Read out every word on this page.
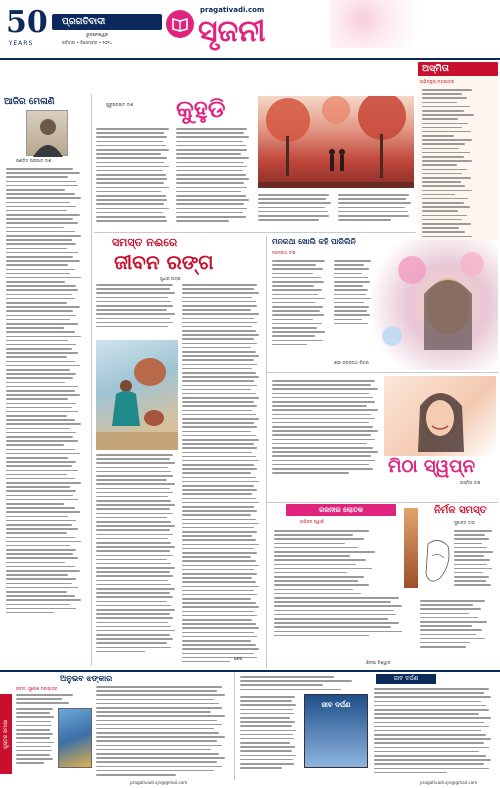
50
YEARS
ପ୍ରଗତିବାଦୀ
ଭୁବନେଶ୍ୱର
ରବିବାର • ଡିସେମ୍ବର • ୨୦୨୪
pragativadi.com
ସୃଜନୀ
ଅସ୍ମିତା
ଅଭିମନ୍ୟୁ ମହାପାତ୍ର
ଆଜିର ମେଳାଣି
ପଣ୍ଡିତ ପ୍ରଭାତ ଦାଶ
ଗୁରୁପ୍ରସାଦ ଦାଶ କୁହୁଡି
ସମସ୍ତ ନଈରେ
ଜୀବନ ରଙ୍ଗ
ସୁଧୀର ନାୟକ
ଶେଷ
ମନକଥା ଖୋଲି କହି ପାରିଲିନି
ଜଗନ୍ନାଥ ଦାସ
ଶ୍ରୀ ଜଗନ୍ନାଥ ବିହାର
ମିଠା ସ୍ୱପ୍ନ
ଅସ୍ମିତା ଦାସ
ରଜନୀର ଲୋତକ
ଅଭିନ୍ନ ସ୍ୱାଇଁ
ଶିଳ୍ପୀ ବିଶ୍ୱାଳ
ନିର୍ମଳ ସମସ୍ତ
ସୁକାନ୍ତ ଦାସ
ପୁସ୍ତକ ସମୀକ୍ଷା
ଅନୁଭବ ଝଙ୍କାର
ରଚନା: ସୁରେଶ ମହାପାତ୍ର
ଜୀବ ଦର୍ପଣ
ଜୀବ ଦର୍ପଣ
pragativadi.sjn@gmail.com	pragativadi.sjn@gmail.com
